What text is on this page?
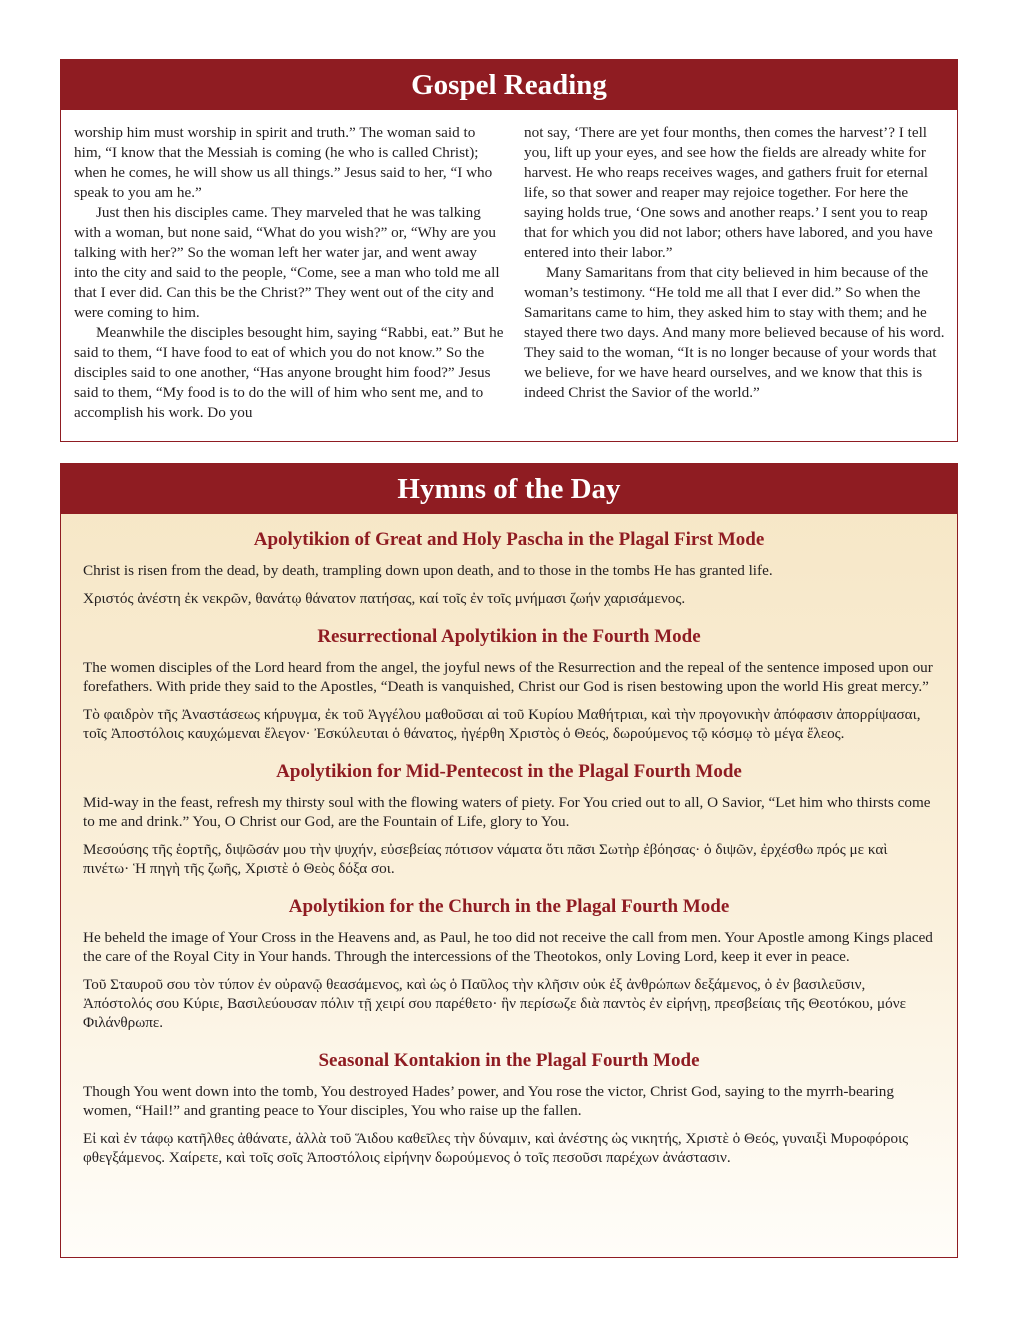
Gospel Reading

worship him must worship in spirit and truth.” The woman said to him, “I know that the Messiah is coming (he who is called Christ); when he comes, he will show us all things.” Jesus said to her, “I who speak to you am he.”

Just then his disciples came. They marveled that he was talking with a woman, but none said, “What do you wish?” or, “Why are you talking with her?” So the woman left her water jar, and went away into the city and said to the people, “Come, see a man who told me all that I ever did. Can this be the Christ?” They went out of the city and were coming to him.

Meanwhile the disciples besought him, saying “Rabbi, eat.” But he said to them, “I have food to eat of which you do not know.” So the disciples said to one another, “Has anyone brought him food?” Jesus said to them, “My food is to do the will of him who sent me, and to accomplish his work. Do you

not say, ‘There are yet four months, then comes the harvest’? I tell you, lift up your eyes, and see how the fields are already white for harvest. He who reaps receives wages, and gathers fruit for eternal life, so that sower and reaper may rejoice together. For here the saying holds true, ‘One sows and another reaps.’ I sent you to reap that for which you did not labor; others have labored, and you have entered into their labor.”

Many Samaritans from that city believed in him because of the woman’s testimony. “He told me all that I ever did.” So when the Samaritans came to him, they asked him to stay with them; and he stayed there two days. And many more believed because of his word. They said to the woman, “It is no longer because of your words that we believe, for we have heard ourselves, and we know that this is indeed Christ the Savior of the world.”

Hymns of the Day
Apolytikion of Great and Holy Pascha in the Plagal First Mode

Christ is risen from the dead, by death, trampling down upon death, and to those in the tombs He has granted life.

Χριστός ἀνέστη ἐκ νεκρῶν, θανάτῳ θάνατον πατήσας, καί τοῖς ἐν τοῖς μνήμασι ζωήν χαρισάμενος.

Resurrectional Apolytikion in the Fourth Mode

The women disciples of the Lord heard from the angel, the joyful news of the Resurrection and the repeal of the sentence imposed upon our forefathers. With pride they said to the Apostles, “Death is vanquished, Christ our God is risen bestowing upon the world His great mercy.”

Τὸ φαιδρὸν τῆς Ἀναστάσεως κήρυγμα, ἐκ τοῦ Ἀγγέλου μαθοῦσαι αἱ τοῦ Κυρίου Μαθήτριαι, καὶ τὴν προγονικὴν ἀπόφασιν ἀπορρίψασαι, τοῖς Ἀποστόλοις καυχώμεναι ἔλεγον· Ἐσκύλευται ὁ θάνατος, ἠγέρθη Χριστὸς ὁ Θεός, δωρούμενος τῷ κόσμῳ τὸ μέγα ἔλεος.

Apolytikion for Mid-Pentecost in the Plagal Fourth Mode

Mid-way in the feast, refresh my thirsty soul with the flowing waters of piety. For You cried out to all, O Savior, “Let him who thirsts come to me and drink.” You, O Christ our God, are the Fountain of Life, glory to You.

Μεσούσης τῆς ἑορτῆς, διψῶσάν μου τὴν ψυχήν, εὐσεβείας πότισον νάματα ὅτι πᾶσι Σωτὴρ ἐβόησας· ὁ διψῶν, ἐρχέσθω πρός με καὶ πινέτω· Ἡ πηγὴ τῆς ζωῆς, Χριστὲ ὁ Θεὸς δόξα σοι.

Apolytikion for the Church in the Plagal Fourth Mode

He beheld the image of Your Cross in the Heavens and, as Paul, he too did not receive the call from men. Your Apostle among Kings placed the care of the Royal City in Your hands. Through the intercessions of the Theotokos, only Loving Lord, keep it ever in peace.

Τοῦ Σταυροῦ σου τὸν τύπον ἐν οὐρανῷ θεασάμενος, καὶ ὡς ὁ Παῦλος τὴν κλῆσιν οὐκ ἐξ ἀνθρώπων δεξάμενος, ὁ ἐν βασιλεῦσιν, Ἀπόστολός σου Κύριε, Βασιλεύουσαν πόλιν τῇ χειρί σου παρέθετο· ἣν περίσωζε διὰ παντὸς ἐν εἰρήνῃ, πρεσβείαις τῆς Θεοτόκου, μόνε Φιλάνθρωπε.

Seasonal Kontakion in the Plagal Fourth Mode

Though You went down into the tomb, You destroyed Hades’ power, and You rose the victor, Christ God, saying to the myrrh-bearing women, “Hail!” and granting peace to Your disciples, You who raise up the fallen.

Εἰ καὶ ἐν τάφῳ κατῆλθες ἀθάνατε, ἀλλὰ τοῦ Ἅιδου καθεῖλες τὴν δύναμιν, καὶ ἀνέστης ὡς νικητής, Χριστὲ ὁ Θεός, γυναιξὶ Μυροφόροις φθεγξάμενος. Χαίρετε, καὶ τοῖς σοῖς Ἀποστόλοις εἰρήνην δωρούμενος ὁ τοῖς πεσοῦσι παρέχων ἀνάστασιν.
